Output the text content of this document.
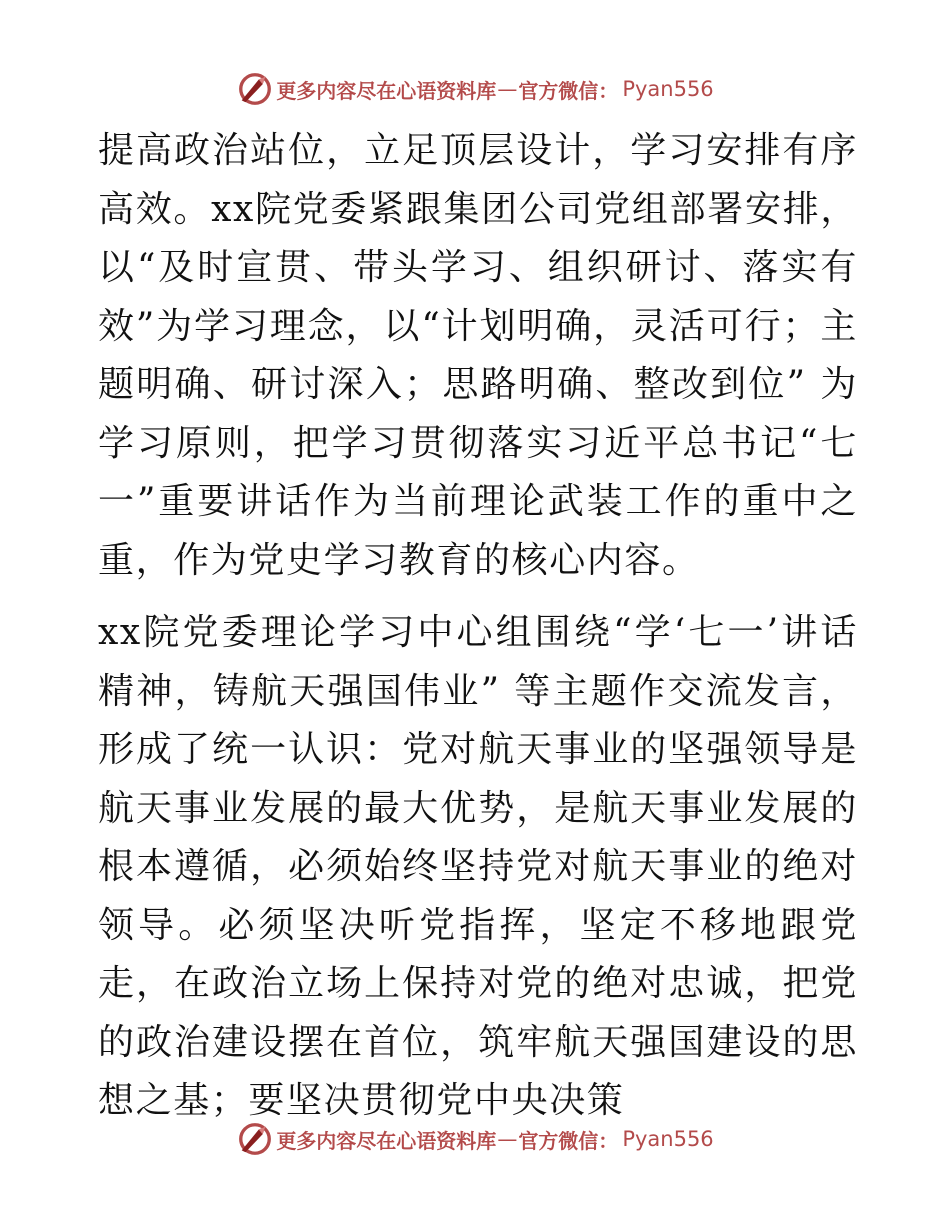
更多内容尽在心语资料库 — 官方微信： Pyan556

提高政治站位，立足顶层设计，学习安排有序高效。xx院党委紧跟集团公司党组部署安排，以“及时宣贯、带头学习、组织研讨、落实有效”为学习理念，以“计划明确，灵活可行；主题明确、研讨深入；思路明确、整改到位” 为学习原则，把学习贯彻落实习近平总书记“七一”重要讲话作为当前理论武装工作的重中之重，作为党史学习教育的核心内容。

xx院党委理论学习中心组围绕“学‘七一’讲话精神，铸航天强国伟业” 等主题作交流发言，形成了统一认识：党对航天事业的坚强领导是航天事业发展的最大优势，是航天事业发展的根本遵循，必须始终坚持党对航天事业的绝对领导。必须坚决听党指挥，坚定不移地跟党走，在政治立场上保持对党的绝对忠诚，把党的政治建设摆在首位，筑牢航天强国建设的思想之基；要坚决贯彻党中央决策

更多内容尽在心语资料库 — 官方微信： Pyan556
